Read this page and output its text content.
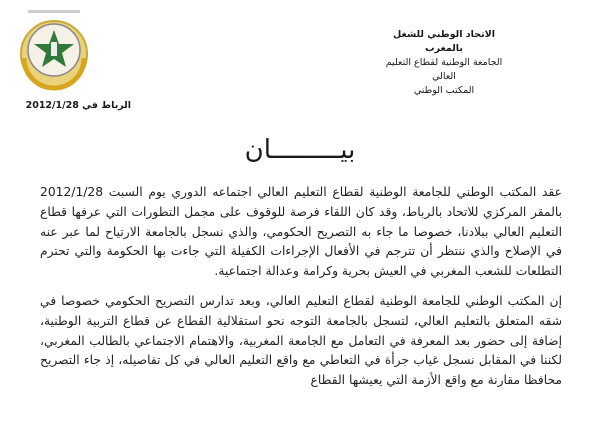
الاتحاد الوطني للشغل بالمغرب
الجامعة الوطنية لقطاع التعليم العالي
المكتب الوطني
الرباط في 2012/1/28
بيـــــــــان

عقد المكتب الوطني للجامعة الوطنية لقطاع التعليم العالي اجتماعه الدوري يوم السبت 2012/1/28 بالمقر المركزي للاتحاد بالرباط، وقد كان اللقاء فرصة للوقوف على مجمل التطورات التي عرفها قطاع التعليم العالي ببلادنا، خصوصا ما جاء به التصريح الحكومي، والذي نسجل بالجامعة الارتياح لما عبر عنه في الإصلاح والذي ننتظر أن تترجم في الأفعال الإجراءات الكفيلة التي جاءت بها الحكومة والتي تحترم التطلعات للشعب المغربي في العيش بحرية وكرامة وعدالة اجتماعية.

إن المكتب الوطني للجامعة الوطنية لقطاع التعليم العالي، وبعد تدارس التصريح الحكومي خصوصا في شقه المتعلق بالتعليم العالي، لتسجل بالجامعة التوجه نحو استقلالية القطاع عن قطاع التربية الوطنية، إضافة إلى حضور بعد المعرفة في التعامل مع الجامعة المغربية، والاهتمام الاجتماعي بالطالب المغربي، لكننا في المقابل نسجل غياب جرأة في التعاطي مع واقع التعليم العالي في كل تفاصيله، إذ جاء التصريح محافظا مقارنة مع واقع الأزمة التي يعيشها القطاع
